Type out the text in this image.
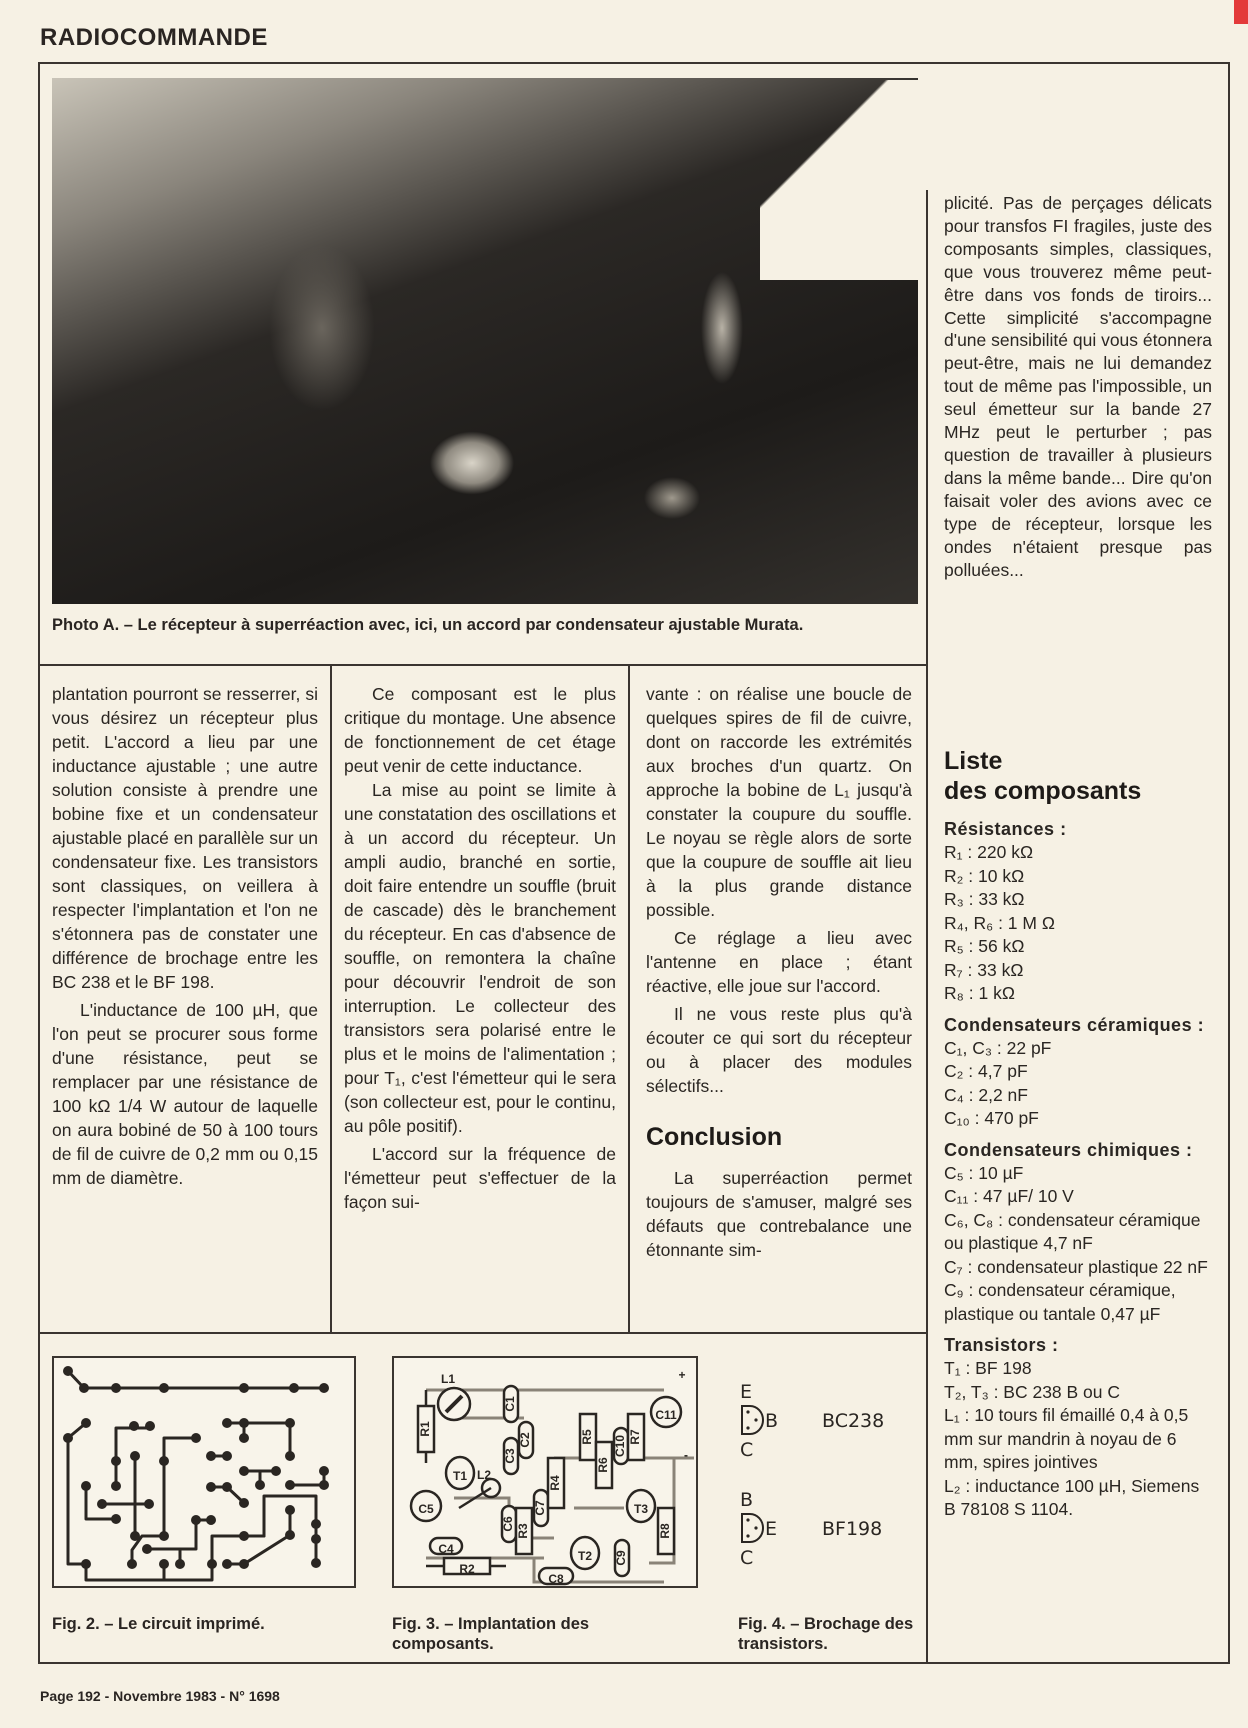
RADIOCOMMANDE
Photo A. – Le récepteur à superréaction avec, ici, un accord par condensateur ajustable Murata.

plicité. Pas de perçages délicats pour transfos FI fragiles, juste des composants simples, classiques, que vous trouverez même peut-être dans vos fonds de tiroirs... Cette simplicité s'accompagne d'une sensibilité qui vous étonnera peut-être, mais ne lui demandez tout de même pas l'impossible, un seul émetteur sur la bande 27 MHz peut le perturber ; pas question de travailler à plusieurs dans la même bande... Dire qu'on faisait voler des avions avec ce type de récepteur, lorsque les ondes n'étaient presque pas polluées...

plantation pourront se resserrer, si vous désirez un récepteur plus petit. L'accord a lieu par une inductance ajustable ; une autre solution consiste à prendre une bobine fixe et un condensateur ajustable placé en parallèle sur un condensateur fixe. Les transistors sont classiques, on veillera à respecter l'implantation et l'on ne s'étonnera pas de constater une différence de brochage entre les BC 238 et le BF 198.

L'inductance de 100 µH, que l'on peut se procurer sous forme d'une résistance, peut se remplacer par une résistance de 100 kΩ 1/4 W autour de laquelle on aura bobiné de 50 à 100 tours de fil de cuivre de 0,2 mm ou 0,15 mm de diamètre.

Ce composant est le plus critique du montage. Une absence de fonctionnement de cet étage peut venir de cette inductance.

La mise au point se limite à une constatation des oscillations et à un accord du récepteur. Un ampli audio, branché en sortie, doit faire entendre un souffle (bruit de cascade) dès le branchement du récepteur. En cas d'absence de souffle, on remontera la chaîne pour découvrir l'endroit de son interruption. Le collecteur des transistors sera polarisé entre le plus et le moins de l'alimentation ; pour T₁, c'est l'émetteur qui le sera (son collecteur est, pour le continu, au pôle positif).

L'accord sur la fréquence de l'émetteur peut s'effectuer de la façon sui-

vante : on réalise une boucle de quelques spires de fil de cuivre, dont on raccorde les extrémités aux broches d'un quartz. On approche la bobine de L₁ jusqu'à constater la coupure du souffle. Le noyau se règle alors de sorte que la coupure de souffle ait lieu à la plus grande distance possible.

Ce réglage a lieu avec l'antenne en place ; étant réactive, elle joue sur l'accord.

Il ne vous reste plus qu'à écouter ce qui sort du récepteur ou à placer des modules sélectifs...

Conclusion

La superréaction permet toujours de s'amuser, malgré ses défauts que contrebalance une étonnante sim-

Liste
des composants
Résistances :
R₁ : 220 kΩ
R₂ : 10 kΩ
R₃ : 33 kΩ
R₄, R₆ : 1 M Ω
R₅ : 56 kΩ
R₇ : 33 kΩ
R₈ : 1 kΩ
Condensateurs céramiques :
C₁, C₃ : 22 pF
C₂ : 4,7 pF
C₄ : 2,2 nF
C₁₀ : 470 pF
Condensateurs chimiques :
C₅ : 10 µF
C₁₁ : 47 µF/ 10 V
C₆, C₈ : condensateur céramique ou plastique 4,7 nF
C₇ : condensateur plastique 22 nF
C₉ : condensateur céramique, plastique ou tantale 0,47 µF
Transistors :
T₁ : BF 198
T₂, T₃ : BC 238 B ou C
L₁ : 10 tours fil émaillé 0,4 à 0,5 mm sur mandrin à noyau de 6 mm, spires jointives
L₂ : inductance 100 µH, Siemens B 78108 S 1104.
Fig. 2. – Le circuit imprimé.
L1
L2
R1
R2
R3
R4
R5
R6
R7
R8
C1
C2
C3
C4
C5
C6
C7
C8
C9
C10
C11
T1
T2
T3
+
-
Fig. 3. – Implantation des composants.
E
B
C
BC238
B
E
C
BF198
Fig. 4. – Brochage des transistors.
Page 192 - Novembre 1983 - N° 1698
